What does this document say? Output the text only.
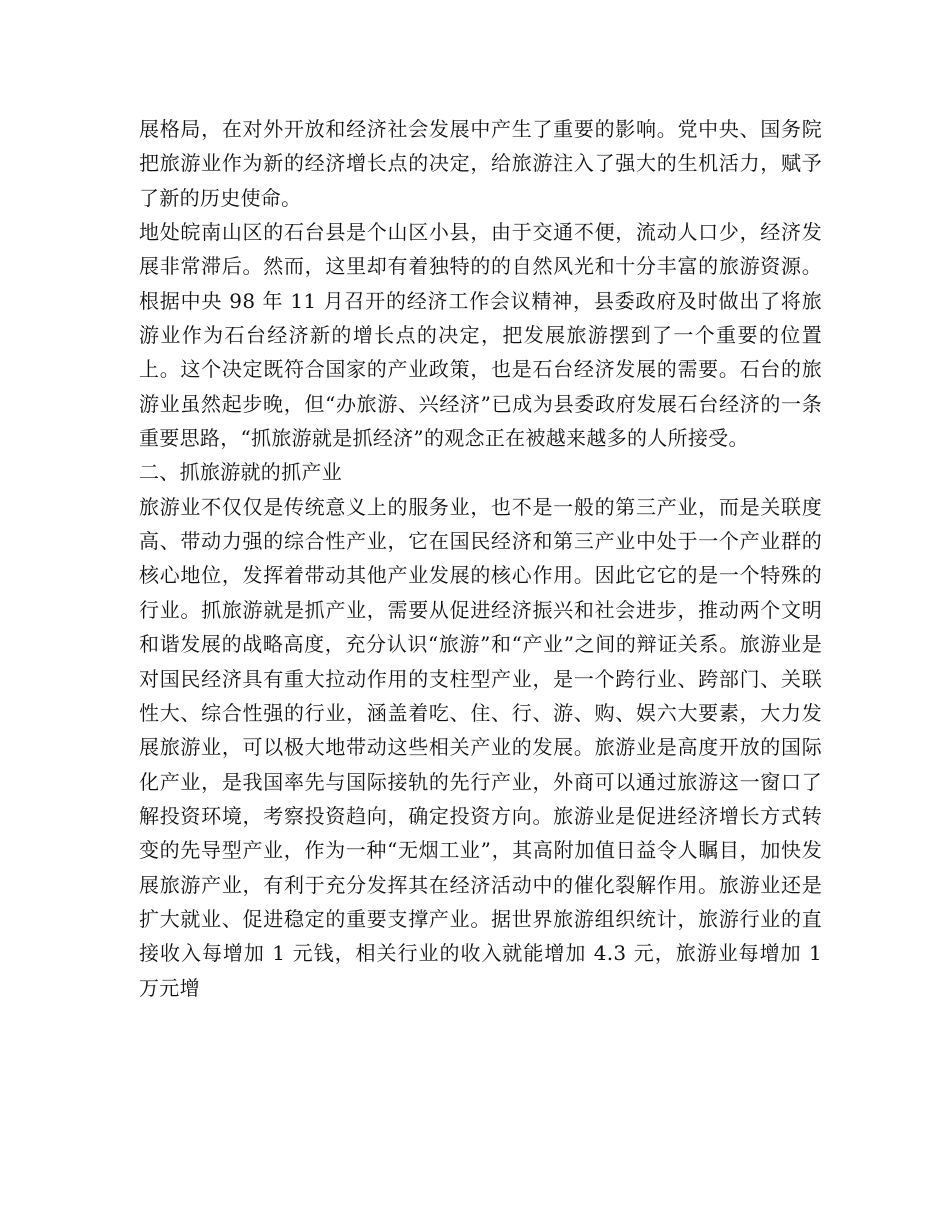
展格局，在对外开放和经济社会发展中产生了重要的影响。党中央、国务院把旅游业作为新的经济增长点的决定，给旅游注入了强大的生机活力，赋予了新的历史使命。

地处皖南山区的石台县是个山区小县，由于交通不便，流动人口少，经济发展非常滞后。然而，这里却有着独特的的自然风光和十分丰富的旅游资源。根据中央 98 年 11 月召开的经济工作会议精神，县委政府及时做出了将旅游业作为石台经济新的增长点的决定，把发展旅游摆到了一个重要的位置上。这个决定既符合国家的产业政策，也是石台经济发展的需要。石台的旅游业虽然起步晚，但“办旅游、兴经济”已成为县委政府发展石台经济的一条重要思路，“抓旅游就是抓经济”的观念正在被越来越多的人所接受。

二、抓旅游就的抓产业

旅游业不仅仅是传统意义上的服务业，也不是一般的第三产业，而是关联度高、带动力强的综合性产业，它在国民经济和第三产业中处于一个产业群的核心地位，发挥着带动其他产业发展的核心作用。因此它它的是一个特殊的行业。抓旅游就是抓产业，需要从促进经济振兴和社会进步，推动两个文明和谐发展的战略高度，充分认识“旅游”和“产业”之间的辩证关系。旅游业是对国民经济具有重大拉动作用的支柱型产业，是一个跨行业、跨部门、关联性大、综合性强的行业，涵盖着吃、住、行、游、购、娱六大要素，大力发展旅游业，可以极大地带动这些相关产业的发展。旅游业是高度开放的国际化产业，是我国率先与国际接轨的先行产业，外商可以通过旅游这一窗口了解投资环境，考察投资趋向，确定投资方向。旅游业是促进经济增长方式转变的先导型产业，作为一种“无烟工业”，其高附加值日益令人瞩目，加快发展旅游产业，有利于充分发挥其在经济活动中的催化裂解作用。旅游业还是扩大就业、促进稳定的重要支撑产业。据世界旅游组织统计，旅游行业的直接收入每增加 1 元钱，相关行业的收入就能增加 4.3 元，旅游业每增加 1 万元增
